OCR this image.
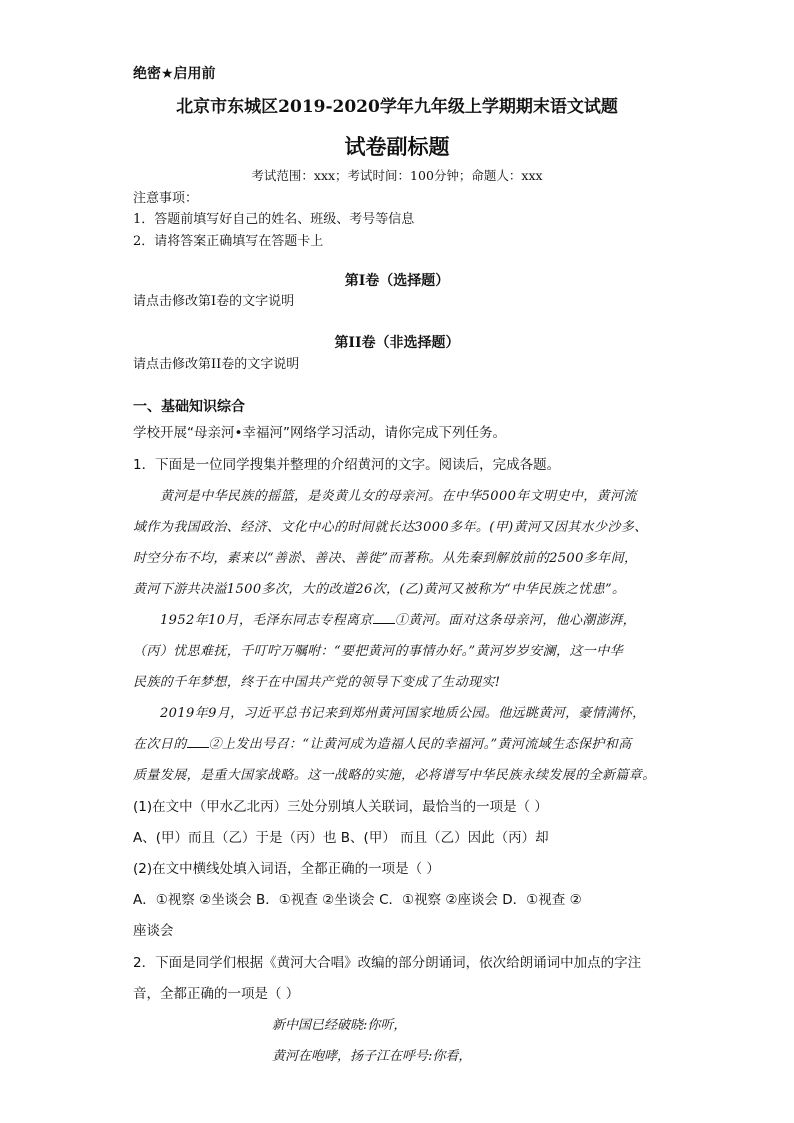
绝密★启用前
北京市东城区2019-2020学年九年级上学期期末语文试题
试卷副标题
考试范围：xxx；考试时间：100分钟；命题人：xxx
注意事项：
1．答题前填写好自己的姓名、班级、考号等信息
2．请将答案正确填写在答题卡上
第I卷（选择题）
请点击修改第I卷的文字说明
第II卷（非选择题）
请点击修改第II卷的文字说明
一、基础知识综合
学校开展“母亲河•幸福河”网络学习活动，请你完成下列任务。
1．下面是一位同学搜集并整理的介绍黄河的文字。阅读后，完成各题。
黄河是中华民族的摇篮，是炎黄儿女的母亲河。在中华5000年文明史中，黄河流
域作为我国政治、经济、文化中心的时间就长达3000多年。(甲)黄河又因其水少沙多、
时空分布不均，素来以“善淤、善决、善徙”而著称。从先秦到解放前的2500多年间，
黄河下游共决溢1500多次，大的改道26次，(乙)黄河又被称为“中华民族之忧患”。
1952年10月，毛泽东同志专程离京 ①黄河。面对这条母亲河，他心潮澎湃，
（丙）忧思难抚，千叮咛万嘱咐：“要把黄河的事情办好。”黄河岁岁安澜，这一中华
民族的千年梦想，终于在中国共产党的领导下变成了生动现实!
2019年9月，习近平总书记来到郑州黄河国家地质公园。他远眺黄河，豪情满怀，
在次日的 ②上发出号召：“让黄河成为造福人民的幸福河。”黄河流域生态保护和高
质量发展，是重大国家战略。这一战略的实施，必将谱写中华民族永续发展的全新篇章。
(1)在文中（甲水乙北丙）三处分别填人关联词，最恰当的一项是（ ）
A、(甲）而且（乙）于是（丙）也 B、(甲） 而且（乙）因此（丙）却
(2)在文中横线处填入词语，全都正确的一项是（ ）
A．①视察 ②坐谈会 B．①视查 ②坐谈会 C．①视察 ②座谈会 D．①视查 ②
座谈会
2．下面是同学们根据《黄河大合唱》改编的部分朗诵词，依次给朗诵词中加点的字注
音，全都正确的一项是（ ）
新中国已经破晓:你听，
黄河在咆哮，扬子江在呼号:你看，
